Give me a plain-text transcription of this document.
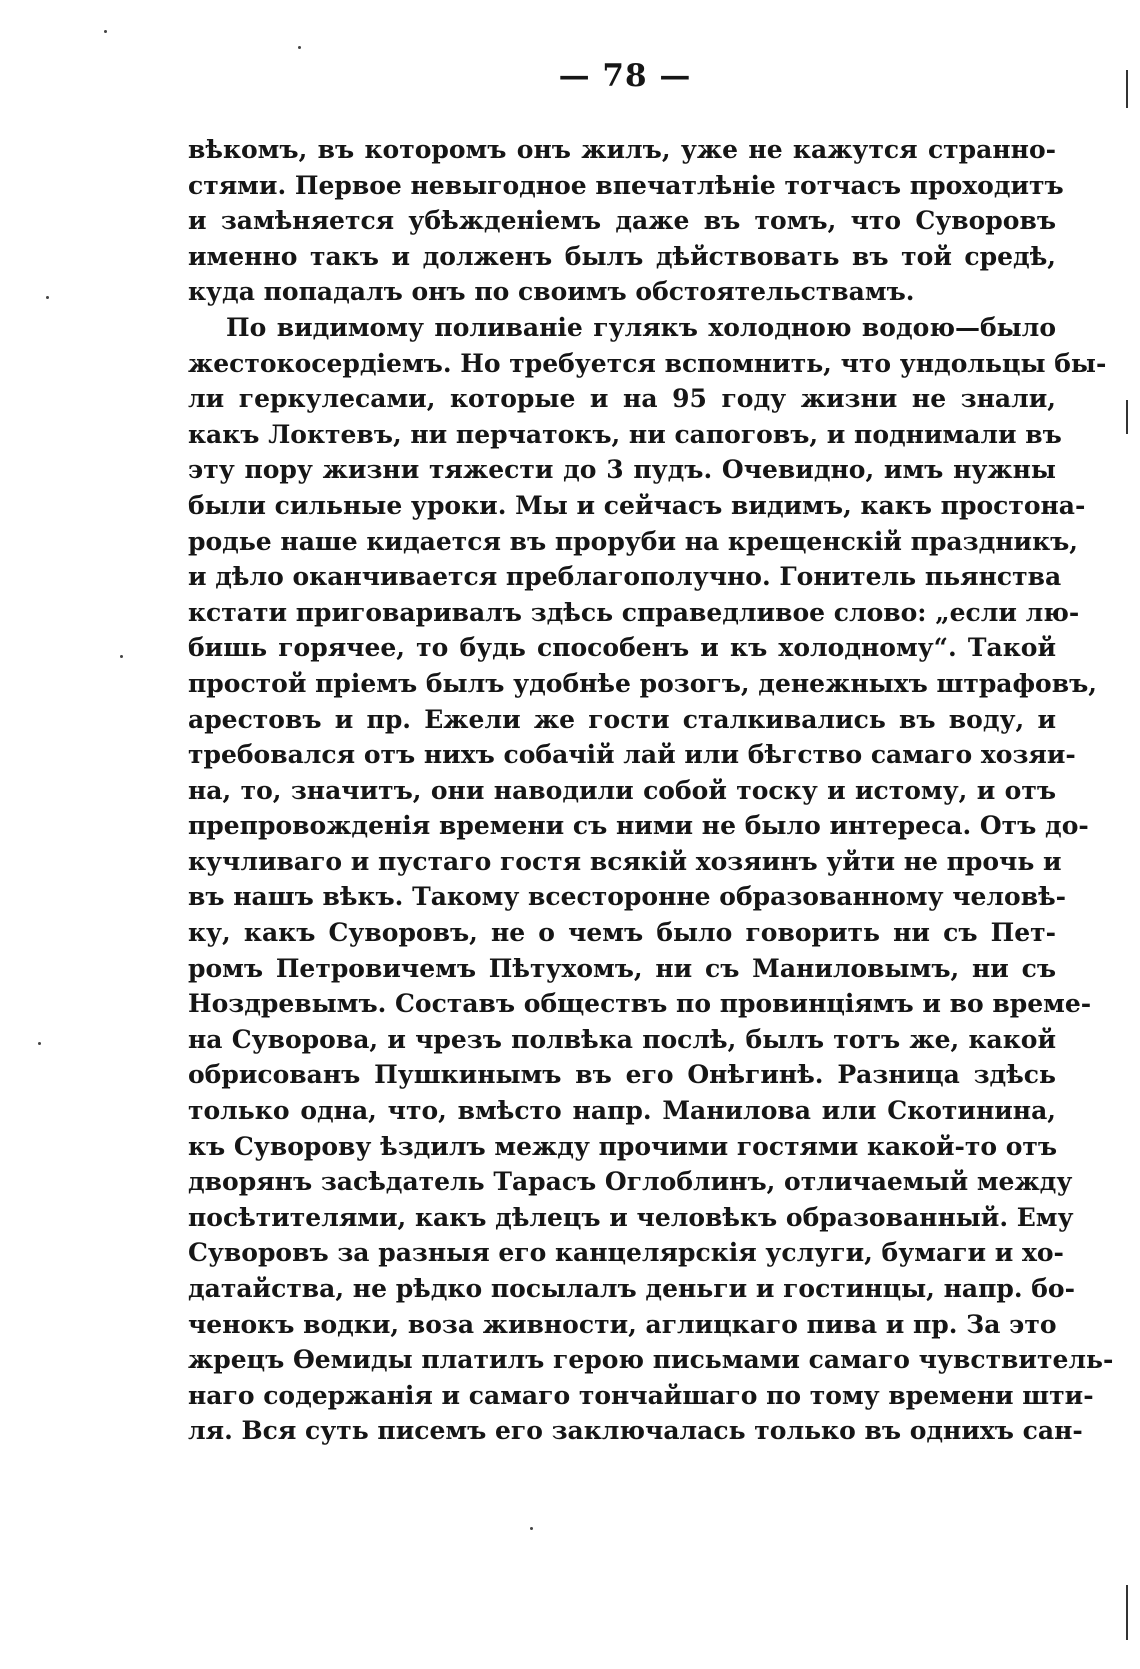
— 78 —
вѣкомъ, въ которомъ онъ жилъ, уже не кажутся странно-
стями. Первое невыгодное впечатлѣніе тотчасъ проходитъ
и замѣняется убѣжденіемъ даже въ томъ, что Суворовъ
именно такъ и долженъ былъ дѣйствовать въ той средѣ,
куда попадалъ онъ по своимъ обстоятельствамъ.
По видимому поливаніе гулякъ холодною водою—было
жестокосердіемъ. Но требуется вспомнить, что ундольцы бы-
ли геркулесами, которые и на 95 году жизни не знали,
какъ Локтевъ, ни перчатокъ, ни сапоговъ, и поднимали въ
эту пору жизни тяжести до 3 пудъ. Очевидно, имъ нужны
были сильные уроки. Мы и сейчасъ видимъ, какъ простона-
родье наше кидается въ проруби на крещенскій праздникъ,
и дѣло оканчивается преблагополучно. Гонитель пьянства
кстати приговаривалъ здѣсь справедливое слово: „если лю-
бишь горячее, то будь способенъ и къ холодному“. Такой
простой пріемъ былъ удобнѣе розогъ, денежныхъ штрафовъ,
арестовъ и пр. Ежели же гости сталкивались въ воду, и
требовался отъ нихъ собачій лай или бѣгство самаго хозяи-
на, то, значитъ, они наводили собой тоску и истому, и отъ
препровожденія времени съ ними не было интереса. Отъ до-
кучливаго и пустаго гостя всякій хозяинъ уйти не прочь и
въ нашъ вѣкъ. Такому всесторонне образованному человѣ-
ку, какъ Суворовъ, не о чемъ было говорить ни съ Пет-
ромъ Петровичемъ Пѣтухомъ, ни съ Маниловымъ, ни съ
Ноздревымъ. Составъ обществъ по провинціямъ и во време-
на Суворова, и чрезъ полвѣка послѣ, былъ тотъ же, какой
обрисованъ Пушкинымъ въ его Онѣгинѣ. Разница здѣсь
только одна, что, вмѣсто напр. Манилова или Скотинина,
къ Суворову ѣздилъ между прочими гостями какой-то отъ
дворянъ засѣдатель Тарасъ Оглоблинъ, отличаемый между
посѣтителями, какъ дѣлецъ и человѣкъ образованный. Ему
Суворовъ за разныя его канцелярскія услуги, бумаги и хо-
датайства, не рѣдко посылалъ деньги и гостинцы, напр. бо-
ченокъ водки, воза живности, аглицкаго пива и пр. За это
жрецъ Ѳемиды платилъ герою письмами самаго чувствитель-
наго содержанія и самаго тончайшаго по тому времени шти-
ля. Вся суть писемъ его заключалась только въ однихъ сан-
